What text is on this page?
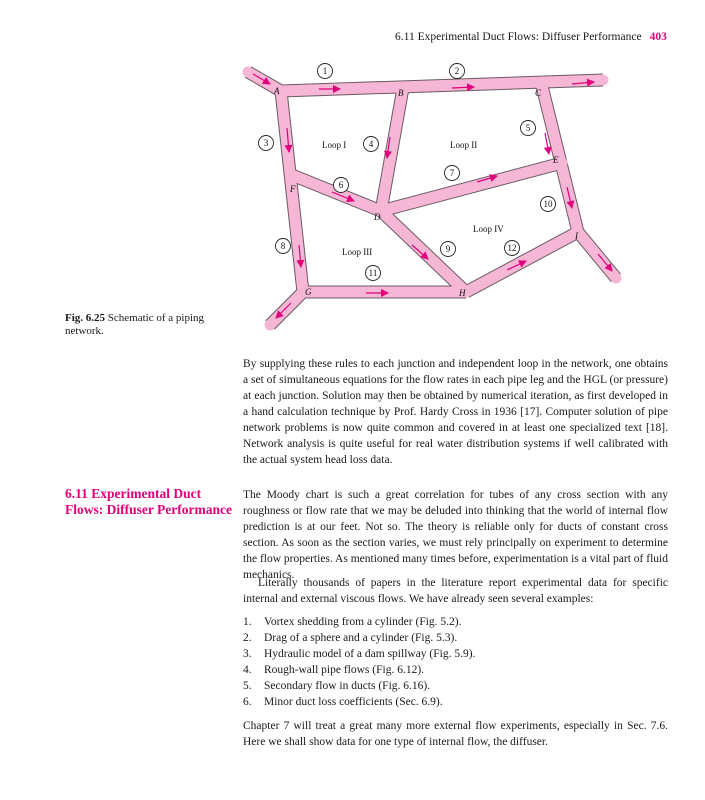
6.11 Experimental Duct Flows: Diffuser Performance 403
A	B	C
D
E
F
G	H
I
1	2
3	4
5
6
7
8	9
10
11
12
Loop I	Loop II
Loop III
Loop IV
Fig. 6.25 Schematic of a piping network.

By supplying these rules to each junction and independent loop in the network, one obtains a set of simultaneous equations for the flow rates in each pipe leg and the HGL (or pressure) at each junction. Solution may then be obtained by numerical iteration, as first developed in a hand calculation technique by Prof. Hardy Cross in 1936 [17]. Computer solution of pipe network problems is now quite common and covered in at least one specialized text [18]. Network analysis is quite useful for real water distribution systems if well calibrated with the actual system head loss data.

6.11 Experimental Duct Flows: Diffuser Performance

The Moody chart is such a great correlation for tubes of any cross section with any roughness or flow rate that we may be deluded into thinking that the world of internal flow prediction is at our feet. Not so. The theory is reliable only for ducts of constant cross section. As soon as the section varies, we must rely principally on experiment to determine the flow properties. As mentioned many times before, experimentation is a vital part of fluid mechanics.

Literally thousands of papers in the literature report experimental data for specific internal and external viscous flows. We have already seen several examples:

1. Vortex shedding from a cylinder (Fig. 5.2).
2. Drag of a sphere and a cylinder (Fig. 5.3).
3. Hydraulic model of a dam spillway (Fig. 5.9).
4. Rough-wall pipe flows (Fig. 6.12).
5. Secondary flow in ducts (Fig. 6.16).
6. Minor duct loss coefficients (Sec. 6.9).

Chapter 7 will treat a great many more external flow experiments, especially in Sec. 7.6. Here we shall show data for one type of internal flow, the diffuser.
